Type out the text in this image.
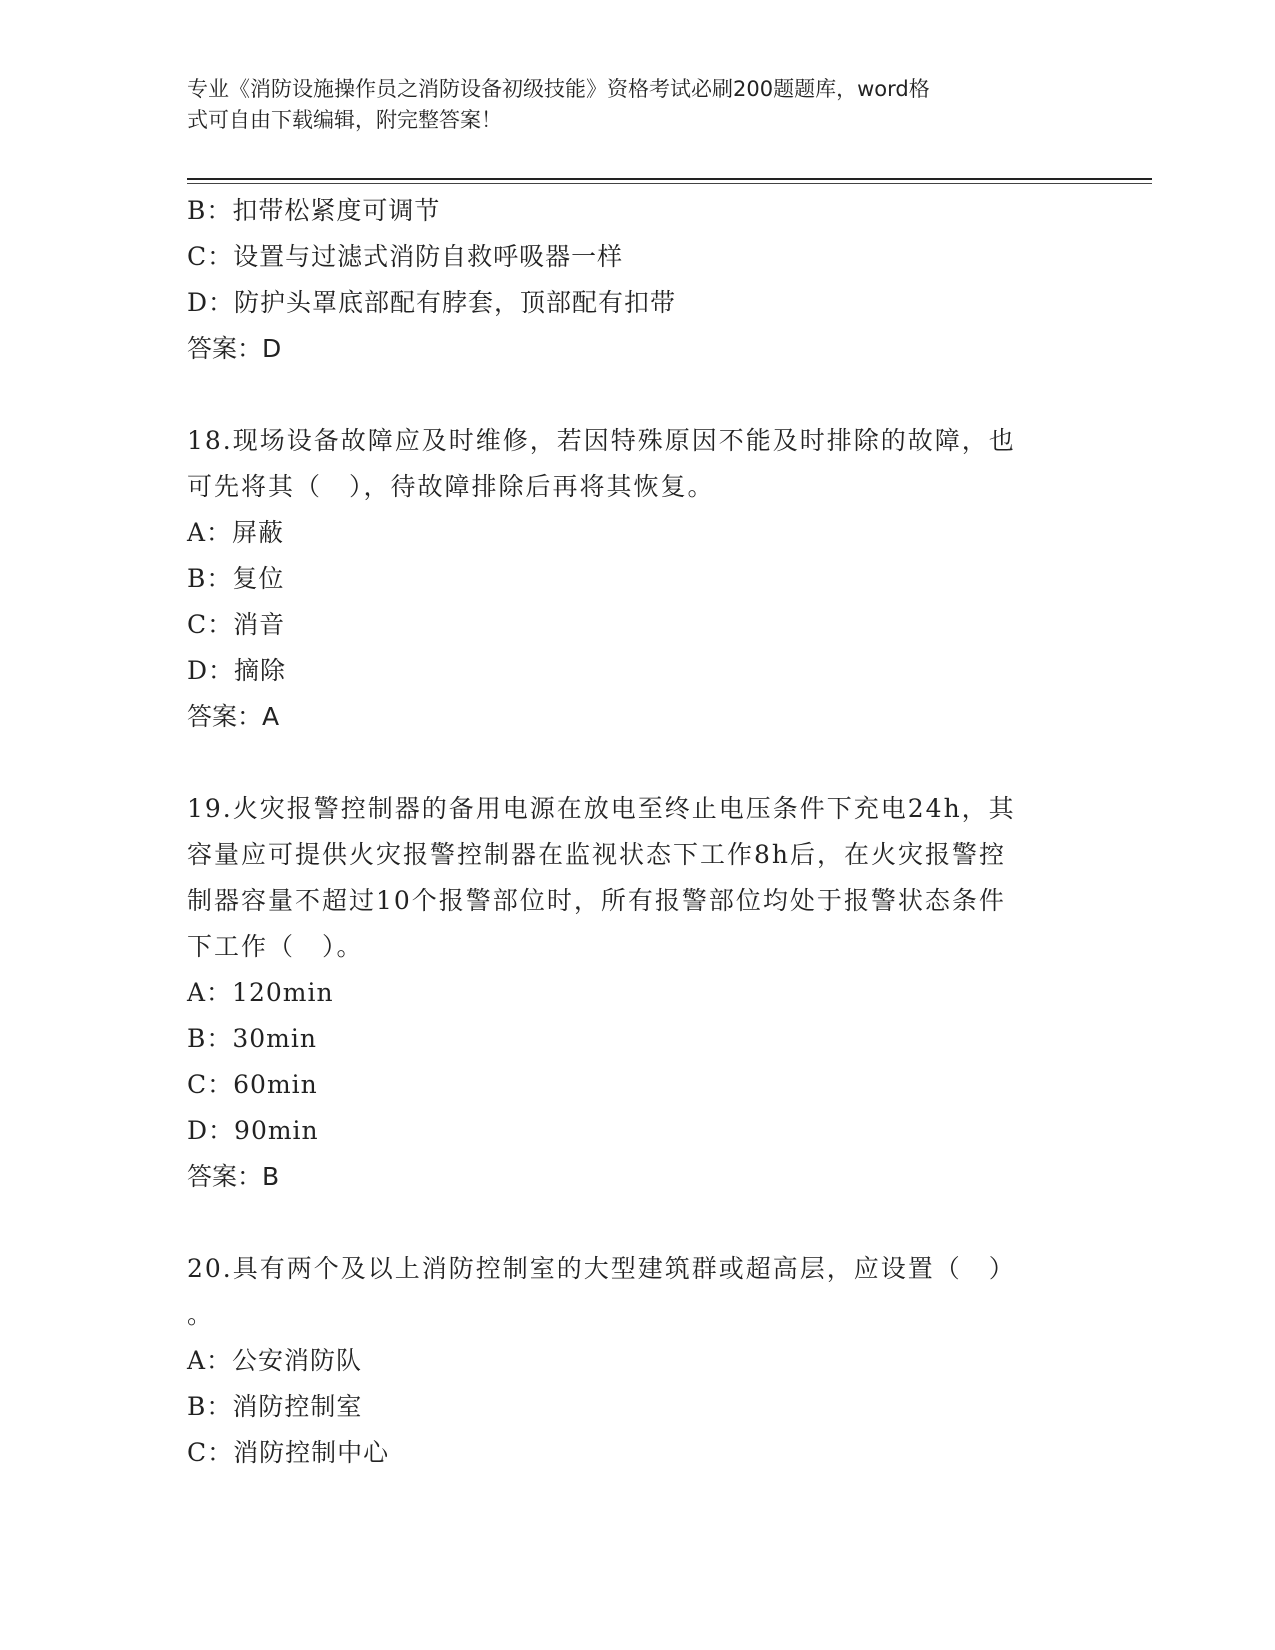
专业《消防设施操作员之消防设备初级技能》资格考试必刷200题题库，word格
式可自由下载编辑，附完整答案！
B：扣带松紧度可调节
C：设置与过滤式消防自救呼吸器一样
D：防护头罩底部配有脖套，顶部配有扣带
答案：D
18.现场设备故障应及时维修，若因特殊原因不能及时排除的故障，也
可先将其（　），待故障排除后再将其恢复。
A：屏蔽
B：复位
C：消音
D：摘除
答案：A
19.火灾报警控制器的备用电源在放电至终止电压条件下充电24h，其
容量应可提供火灾报警控制器在监视状态下工作8h后，在火灾报警控
制器容量不超过10个报警部位时，所有报警部位均处于报警状态条件
下工作（　）。
A：120min
B：30min
C：60min
D：90min
答案：B
20.具有两个及以上消防控制室的大型建筑群或超高层，应设置（　）
。
A：公安消防队
B：消防控制室
C：消防控制中心
